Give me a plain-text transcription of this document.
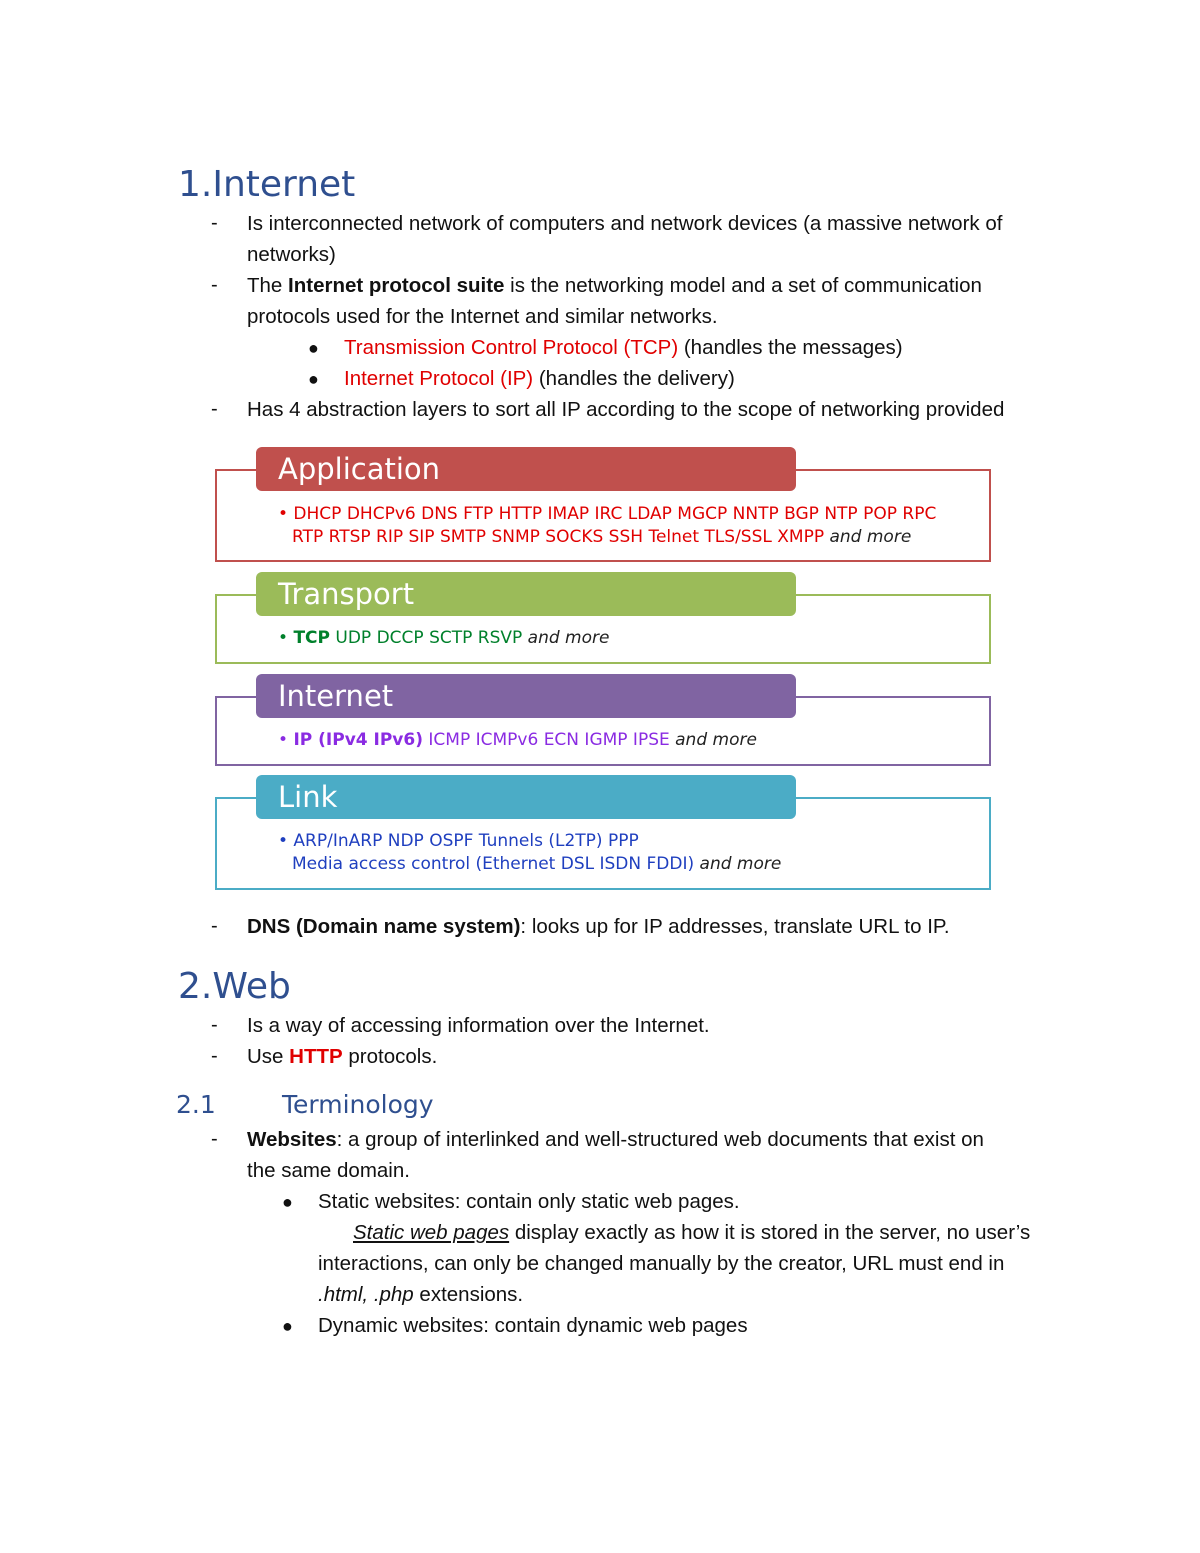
1.Internet
- Is interconnected network of computers and network devices (a massive network of
networks)
- The Internet protocol suite is the networking model and a set of communication
protocols used for the Internet and similar networks.
● Transmission Control Protocol (TCP) (handles the messages)
● Internet Protocol (IP) (handles the delivery)
- Has 4 abstraction layers to sort all IP according to the scope of networking provided
Application
• DHCP DHCPv6 DNS FTP HTTP IMAP IRC LDAP MGCP NNTP BGP NTP POP RPC
RTP RTSP RIP SIP SMTP SNMP SOCKS SSH Telnet TLS/SSL XMPP and more
Transport
• TCP UDP DCCP SCTP RSVP and more
Internet
• IP (IPv4 IPv6) ICMP ICMPv6 ECN IGMP IPSE and more
Link
• ARP/InARP NDP OSPF Tunnels (L2TP) PPP
Media access control (Ethernet DSL ISDN FDDI) and more
- DNS (Domain name system): looks up for IP addresses, translate URL to IP.
2.Web
- Is a way of accessing information over the Internet.
- Use HTTP protocols.
2.1	Terminology
- Websites: a group of interlinked and well-structured web documents that exist on
the same domain.
● Static websites: contain only static web pages.
Static web pages display exactly as how it is stored in the server, no user’s
interactions, can only be changed manually by the creator, URL must end in
.html, .php extensions.
● Dynamic websites: contain dynamic web pages
